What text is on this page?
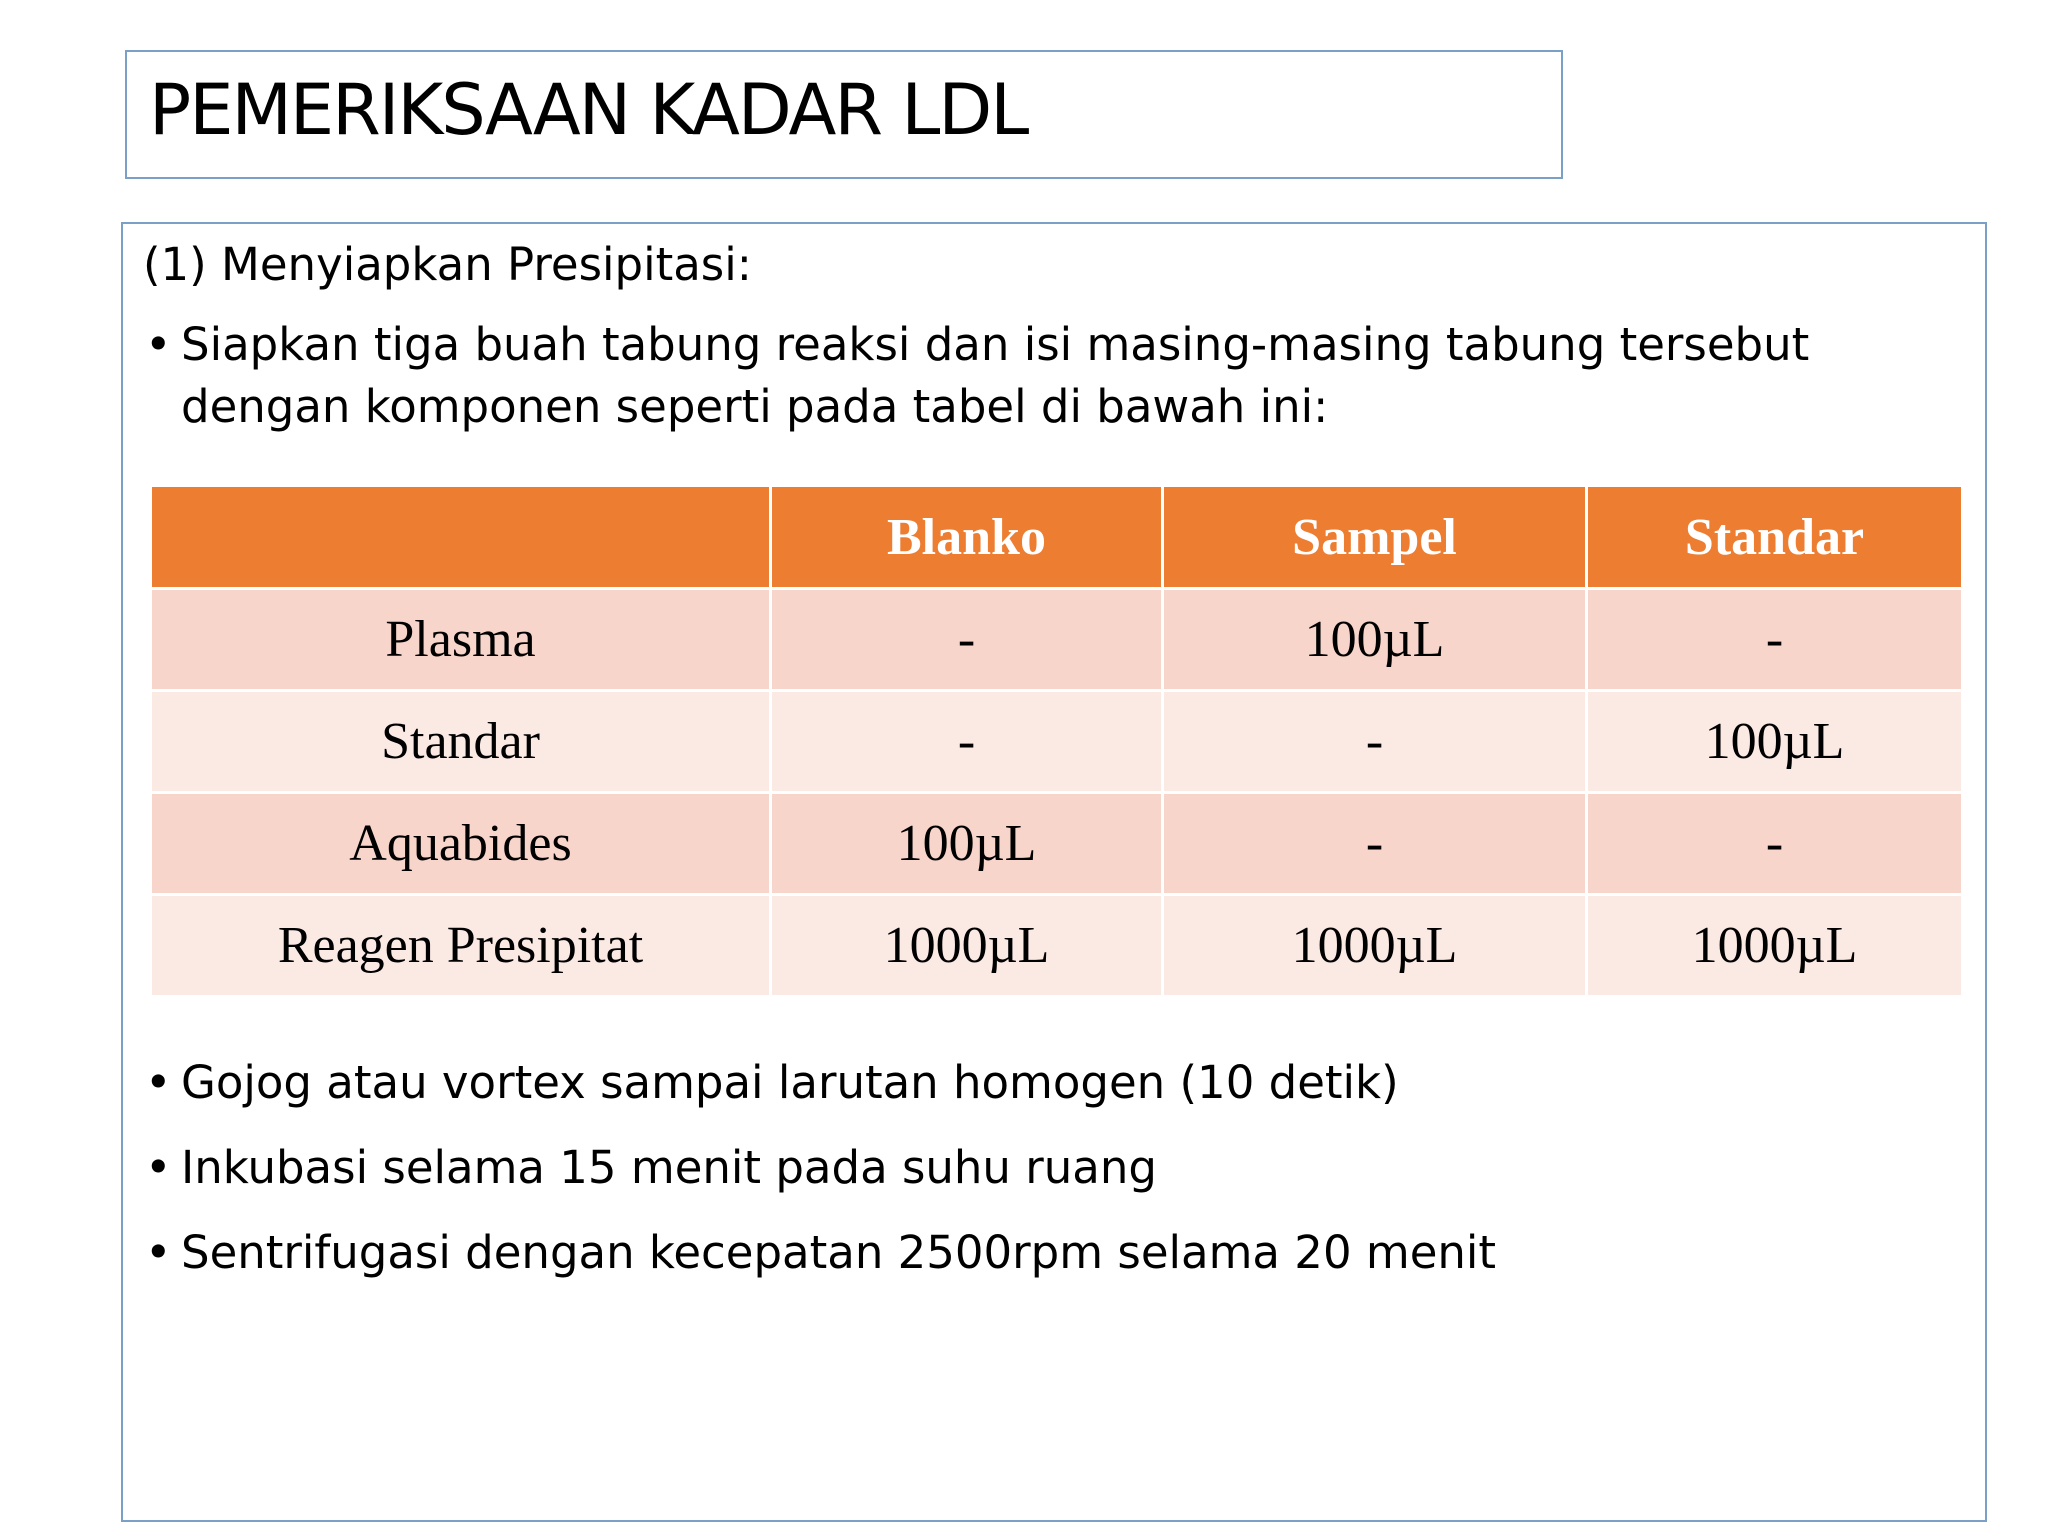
PEMERIKSAAN KADAR LDL
(1) Menyiapkan Presipitasi:
• Siapkan tiga buah tabung reaksi dan isi masing-masing tabung tersebut dengan komponen seperti pada tabel di bawah ini:
	Blanko	Sampel	Standar
Plasma	-	100µL	-
Standar	-	-	100µL
Aquabides	100µL	-	-
Reagen Presipitat	1000µL	1000µL	1000µL
• Gojog atau vortex sampai larutan homogen (10 detik)
• Inkubasi selama 15 menit pada suhu ruang
• Sentrifugasi dengan kecepatan 2500rpm selama 20 menit
